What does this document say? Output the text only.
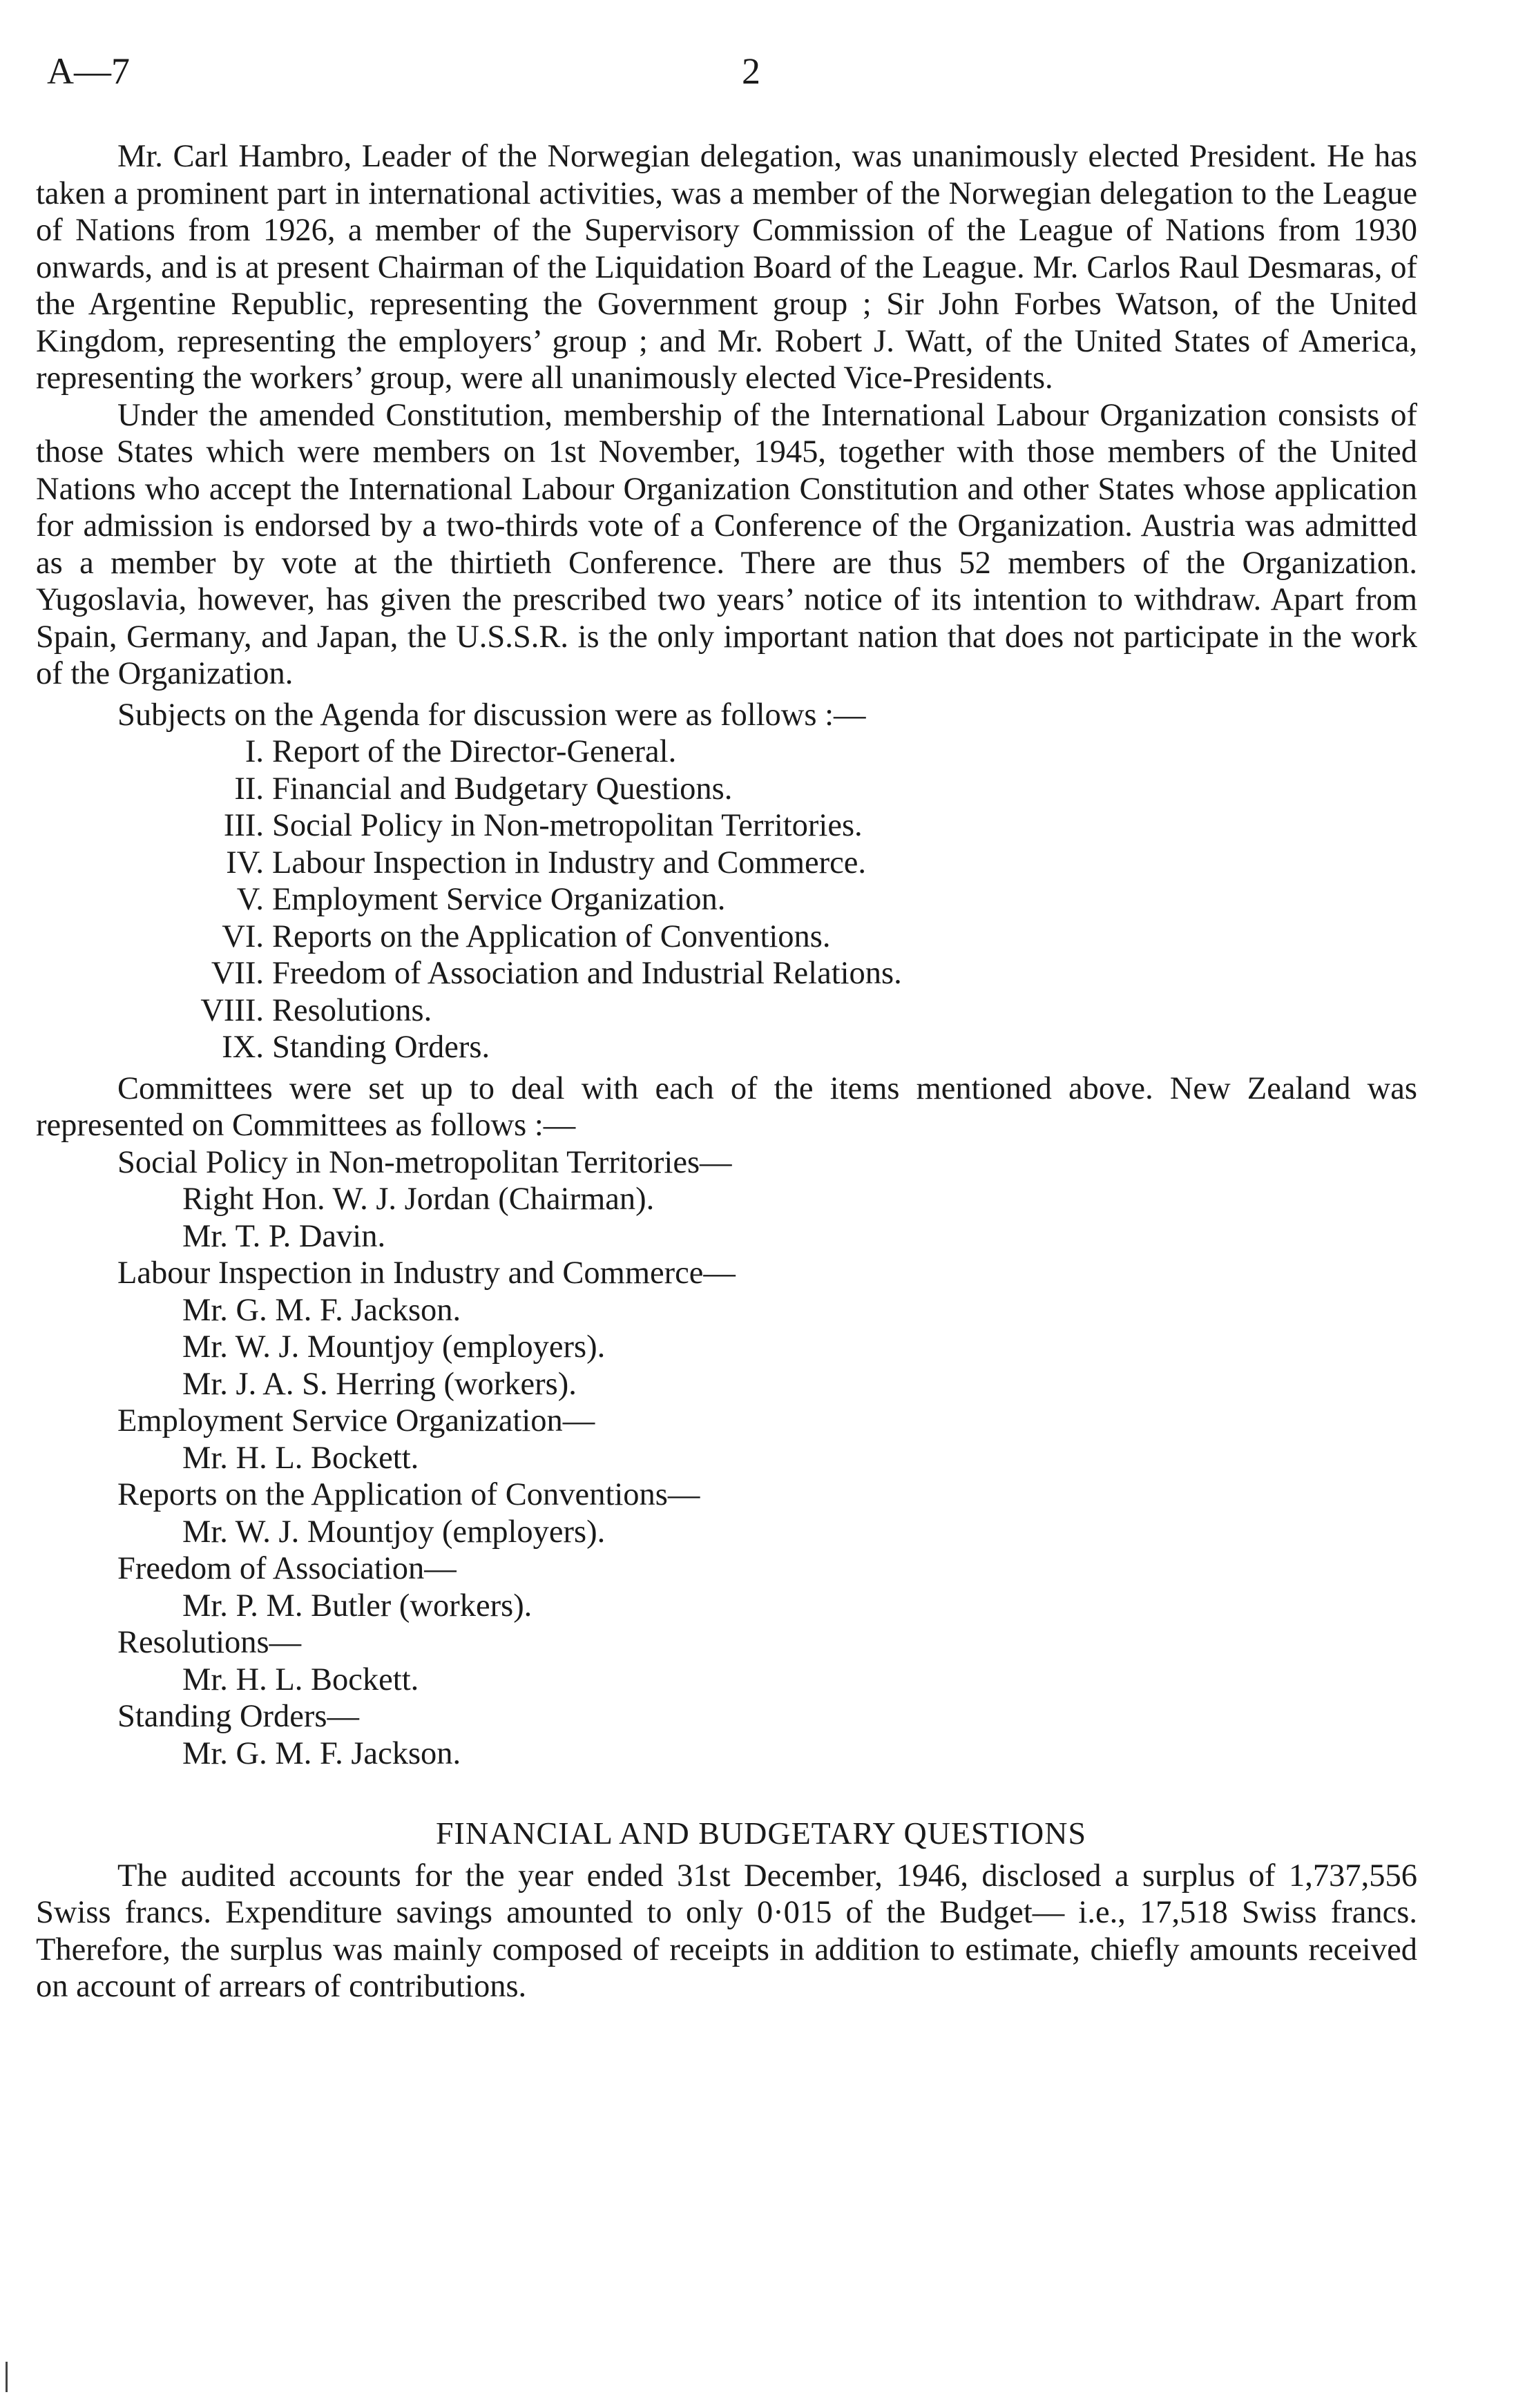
A—7	2

Mr. Carl Hambro, Leader of the Norwegian delegation, was unanimously elected President. He has taken a prominent part in international activities, was a member of the Norwegian delegation to the League of Nations from 1926, a member of the Supervisory Commission of the League of Nations from 1930 onwards, and is at present Chairman of the Liquidation Board of the League. Mr. Carlos Raul Desmaras, of the Argentine Republic, representing the Government group ; Sir John Forbes Watson, of the United Kingdom, representing the employers’ group ; and Mr. Robert J. Watt, of the United States of America, representing the workers’ group, were all unanimously elected Vice-Presidents.

Under the amended Constitution, membership of the International Labour Organization consists of those States which were members on 1st November, 1945, together with those members of the United Nations who accept the International Labour Organization Constitution and other States whose application for admission is endorsed by a two-thirds vote of a Conference of the Organization. Austria was admitted as a member by vote at the thirtieth Conference. There are thus 52 members of the Organization. Yugoslavia, however, has given the prescribed two years’ notice of its intention to withdraw. Apart from Spain, Germany, and Japan, the U.S.S.R. is the only important nation that does not participate in the work of the Organization.

Subjects on the Agenda for discussion were as follows :—

I. Report of the Director-General.
II. Financial and Budgetary Questions.
III. Social Policy in Non-metropolitan Territories.
IV. Labour Inspection in Industry and Commerce.
V. Employment Service Organization.
VI. Reports on the Application of Conventions.
VII. Freedom of Association and Industrial Relations.
VIII. Resolutions.
IX. Standing Orders.

Committees were set up to deal with each of the items mentioned above. New Zealand was represented on Committees as follows :—

Social Policy in Non-metropolitan Territories—
Right Hon. W. J. Jordan (Chairman).
Mr. T. P. Davin.
Labour Inspection in Industry and Commerce—
Mr. G. M. F. Jackson.
Mr. W. J. Mountjoy (employers).
Mr. J. A. S. Herring (workers).
Employment Service Organization—
Mr. H. L. Bockett.
Reports on the Application of Conventions—
Mr. W. J. Mountjoy (employers).
Freedom of Association—
Mr. P. M. Butler (workers).
Resolutions—
Mr. H. L. Bockett.
Standing Orders—
Mr. G. M. F. Jackson.
FINANCIAL AND BUDGETARY QUESTIONS

The audited accounts for the year ended 31st December, 1946, disclosed a surplus of 1,737,556 Swiss francs. Expenditure savings amounted to only 0·015 of the Budget— i.e., 17,518 Swiss francs. Therefore, the surplus was mainly composed of receipts in addition to estimate, chiefly amounts received on account of arrears of contributions.
